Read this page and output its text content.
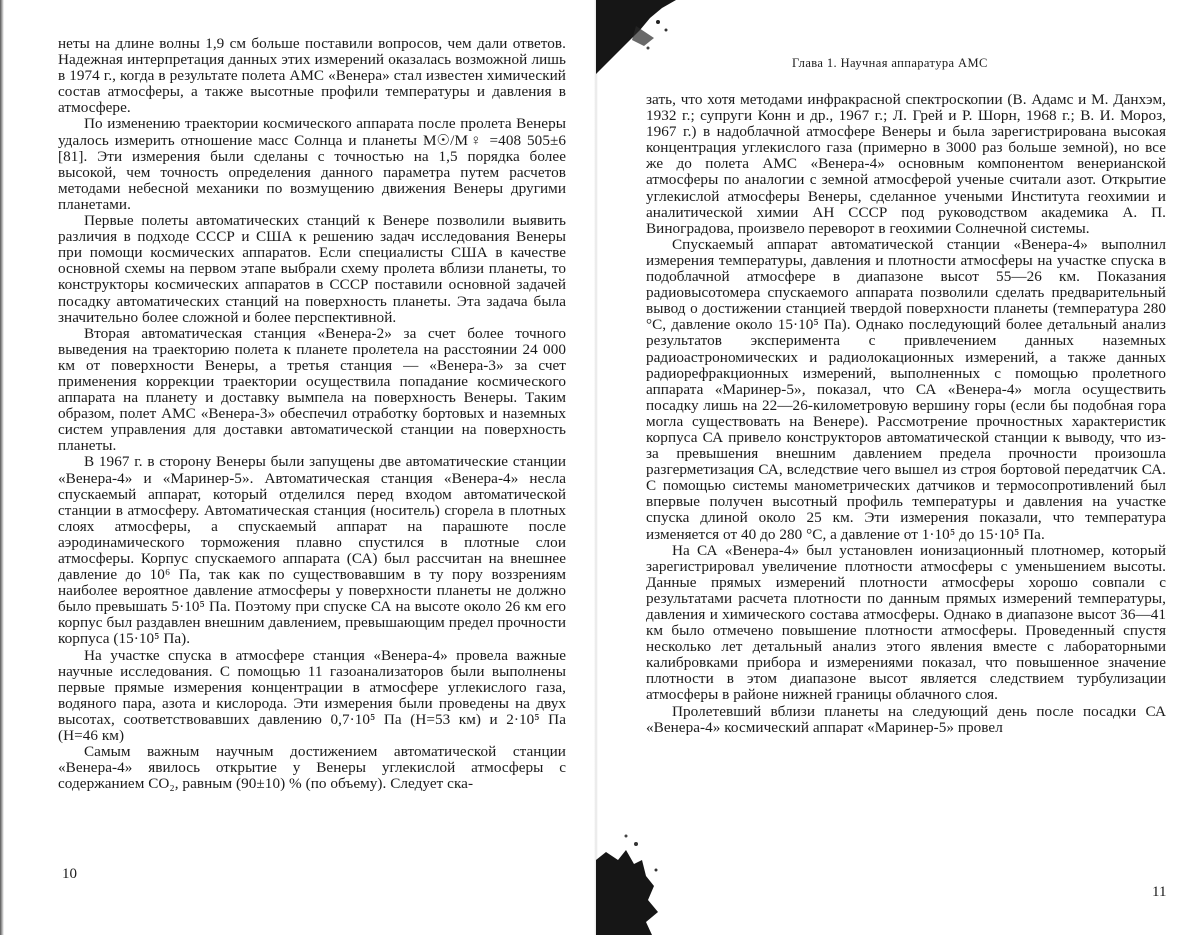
неты на длине волны 1,9 см больше поставили вопросов, чем дали ответов. Надежная интерпретация данных этих измерений оказалась возможной лишь в 1974 г., когда в результате полета АМС «Венера» стал известен химический состав атмосферы, а также высотные профили температуры и давления в атмосфере.

По изменению траектории космического аппарата после пролета Венеры удалось измерить отношение масс Солнца и планеты M☉/M♀ =408 505±6 [81]. Эти измерения были сделаны с точностью на 1,5 порядка более высокой, чем точность определения данного параметра путем расчетов методами небесной механики по возмущению движения Венеры другими планетами.

Первые полеты автоматических станций к Венере позволили выявить различия в подходе СССР и США к решению задач исследования Венеры при помощи космических аппаратов. Если специалисты США в качестве основной схемы на первом этапе выбрали схему пролета вблизи планеты, то конструкторы космических аппаратов в СССР поставили основной задачей посадку автоматических станций на поверхность планеты. Эта задача была значительно более сложной и более перспективной.

Вторая автоматическая станция «Венера-2» за счет более точного выведения на траекторию полета к планете пролетела на расстоянии 24 000 км от поверхности Венеры, а третья станция — «Венера-3» за счет применения коррекции траектории осуществила попадание космического аппарата на планету и доставку вымпела на поверхность Венеры. Таким образом, полет АМС «Венера-3» обеспечил отработку бортовых и наземных систем управления для доставки автоматической станции на поверхность планеты.

В 1967 г. в сторону Венеры были запущены две автоматические станции «Венера-4» и «Маринер-5». Автоматическая станция «Венера-4» несла спускаемый аппарат, который отделился перед входом автоматической станции в атмосферу. Автоматическая станция (носитель) сгорела в плотных слоях атмосферы, а спускаемый аппарат на парашюте после аэродинамического торможения плавно спустился в плотные слои атмосферы. Корпус спускаемого аппарата (СА) был рассчитан на внешнее давление до 10⁶ Па, так как по существовавшим в ту пору воззрениям наиболее вероятное давление атмосферы у поверхности планеты не должно было превышать 5·10⁵ Па. Поэтому при спуске СА на высоте около 26 км его корпус был раздавлен внешним давлением, превышающим предел прочности корпуса (15·10⁵ Па).

На участке спуска в атмосфере станция «Венера-4» провела важные научные исследования. С помощью 11 газоанализаторов были выполнены первые прямые измерения концентрации в атмосфере углекислого газа, водяного пара, азота и кислорода. Эти измерения были проведены на двух высотах, соответствовавших давлению 0,7·10⁵ Па (H=53 км) и 2·10⁵ Па (H=46 км)

Самым важным научным достижением автоматической станции «Венера-4» явилось открытие у Венеры углекислой атмосферы с содержанием CO₂, равным (90±10) % (по объему). Следует ска-

10
Глава 1. Научная аппаратура АМС

зать, что хотя методами инфракрасной спектроскопии (В. Адамс и М. Данхэм, 1932 г.; супруги Конн и др., 1967 г.; Л. Грей и Р. Шорн, 1968 г.; В. И. Мороз, 1967 г.) в надоблачной атмосфере Венеры и была зарегистрирована высокая концентрация углекислого газа (примерно в 3000 раз больше земной), но все же до полета АМС «Венера-4» основным компонентом венерианской атмосферы по аналогии с земной атмосферой ученые считали азот. Открытие углекислой атмосферы Венеры, сделанное учеными Института геохимии и аналитической химии АН СССР под руководством академика А. П. Виноградова, произвело переворот в геохимии Солнечной системы.

Спускаемый аппарат автоматической станции «Венера-4» выполнил измерения температуры, давления и плотности атмосферы на участке спуска в подоблачной атмосфере в диапазоне высот 55—26 км. Показания радиовысотомера спускаемого аппарата позволили сделать предварительный вывод о достижении станцией твердой поверхности планеты (температура 280 °С, давление около 15·10⁵ Па). Однако последующий более детальный анализ результатов эксперимента с привлечением данных наземных радиоастрономических и радиолокационных измерений, а также данных радиорефракционных измерений, выполненных с помощью пролетного аппарата «Маринер-5», показал, что СА «Венера-4» могла осуществить посадку лишь на 22—26-километровую вершину горы (если бы подобная гора могла существовать на Венере). Рассмотрение прочностных характеристик корпуса СА привело конструкторов автоматической станции к выводу, что из-за превышения внешним давлением предела прочности произошла разгерметизация СА, вследствие чего вышел из строя бортовой передатчик СА. С помощью системы манометрических датчиков и термосопротивлений был впервые получен высотный профиль температуры и давления на участке спуска длиной около 25 км. Эти измерения показали, что температура изменяется от 40 до 280 °С, а давление от 1·10⁵ до 15·10⁵ Па.

На СА «Венера-4» был установлен ионизационный плотномер, который зарегистрировал увеличение плотности атмосферы с уменьшением высоты. Данные прямых измерений плотности атмосферы хорошо совпали с результатами расчета плотности по данным прямых измерений температуры, давления и химического состава атмосферы. Однако в диапазоне высот 36—41 км было отмечено повышение плотности атмосферы. Проведенный спустя несколько лет детальный анализ этого явления вместе с лабораторными калибровками прибора и измерениями показал, что повышенное значение плотности в этом диапазоне высот является следствием турбулизации атмосферы в районе нижней границы облачного слоя.

Пролетевший вблизи планеты на следующий день после посадки СА «Венера-4» космический аппарат «Маринер-5» провел

11
